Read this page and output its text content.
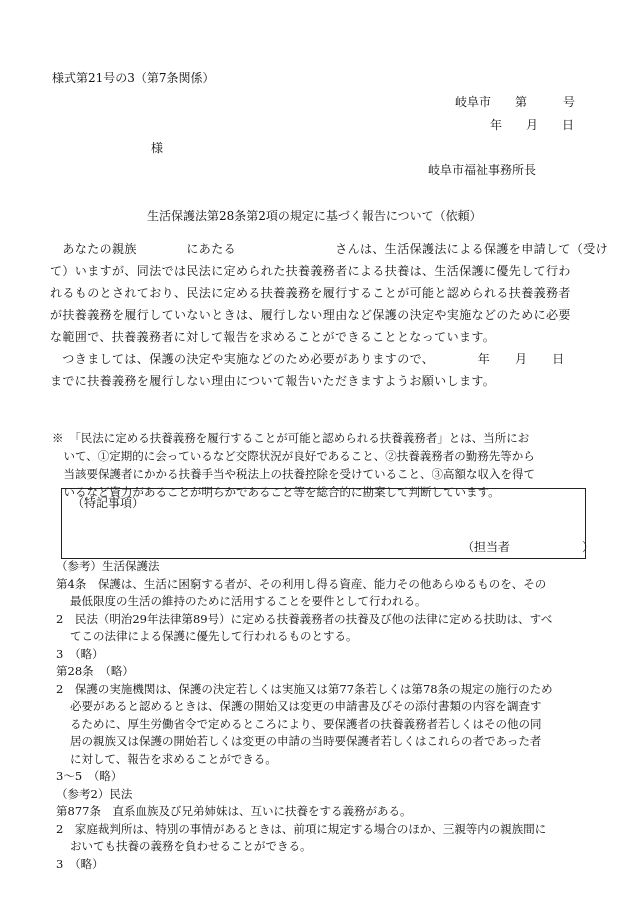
様式第21号の3（第7条関係）
岐阜市　　第　　　号
年　　月　　日
様
岐阜市福祉事務所長
生活保護法第28条第2項の規定に基づく報告について（依頼）
　あなたの親族　　　　にあたる　　　　　　　　さんは、生活保護法による保護を申請して（受け
て）いますが、同法では民法に定められた扶養義務者による扶養は、生活保護に優先して行わ
れるものとされており、民法に定める扶養義務を履行することが可能と認められる扶養義務者
が扶養義務を履行していないときは、履行しない理由など保護の決定や実施などのために必要
な範囲で、扶養義務者に対して報告を求めることができることとなっています。
　つきましては、保護の決定や実施などのため必要がありますので、　　　　年　　月　　日
までに扶養義務を履行しない理由について報告いただきますようお願いします。
※　「民法に定める扶養義務を履行することが可能と認められる扶養義務者」とは、当所にお
　いて、①定期的に会っているなど交際状況が良好であること、②扶養義務者の勤務先等から
　当該要保護者にかかる扶養手当や税法上の扶養控除を受けていること、③高額な収入を得て
　いるなど資力があることが明らかであること等を総合的に勘案して判断しています。
（特記事項）
（担当者　　　　　　）
（参考）生活保護法
第4条　保護は、生活に困窮する者が、その利用し得る資産、能力その他あらゆるものを、その
最低限度の生活の維持のために活用することを要件として行われる。
2　民法（明治29年法律第89号）に定める扶養義務者の扶養及び他の法律に定める扶助は、すべ
てこの法律による保護に優先して行われるものとする。
3　（略）
第28条　（略）
2　保護の実施機関は、保護の決定若しくは実施又は第77条若しくは第78条の規定の施行のため
必要があると認めるときは、保護の開始又は変更の申請書及びその添付書類の内容を調査す
るために、厚生労働省令で定めるところにより、要保護者の扶養義務者若しくはその他の同
居の親族又は保護の開始若しくは変更の申請の当時要保護者若しくはこれらの者であった者
に対して、報告を求めることができる。
3〜5　（略）
（参考2）民法
第877条　直系血族及び兄弟姉妹は、互いに扶養をする義務がある。
2　家庭裁判所は、特別の事情があるときは、前項に規定する場合のほか、三親等内の親族間に
おいても扶養の義務を負わせることができる。
3　（略）
